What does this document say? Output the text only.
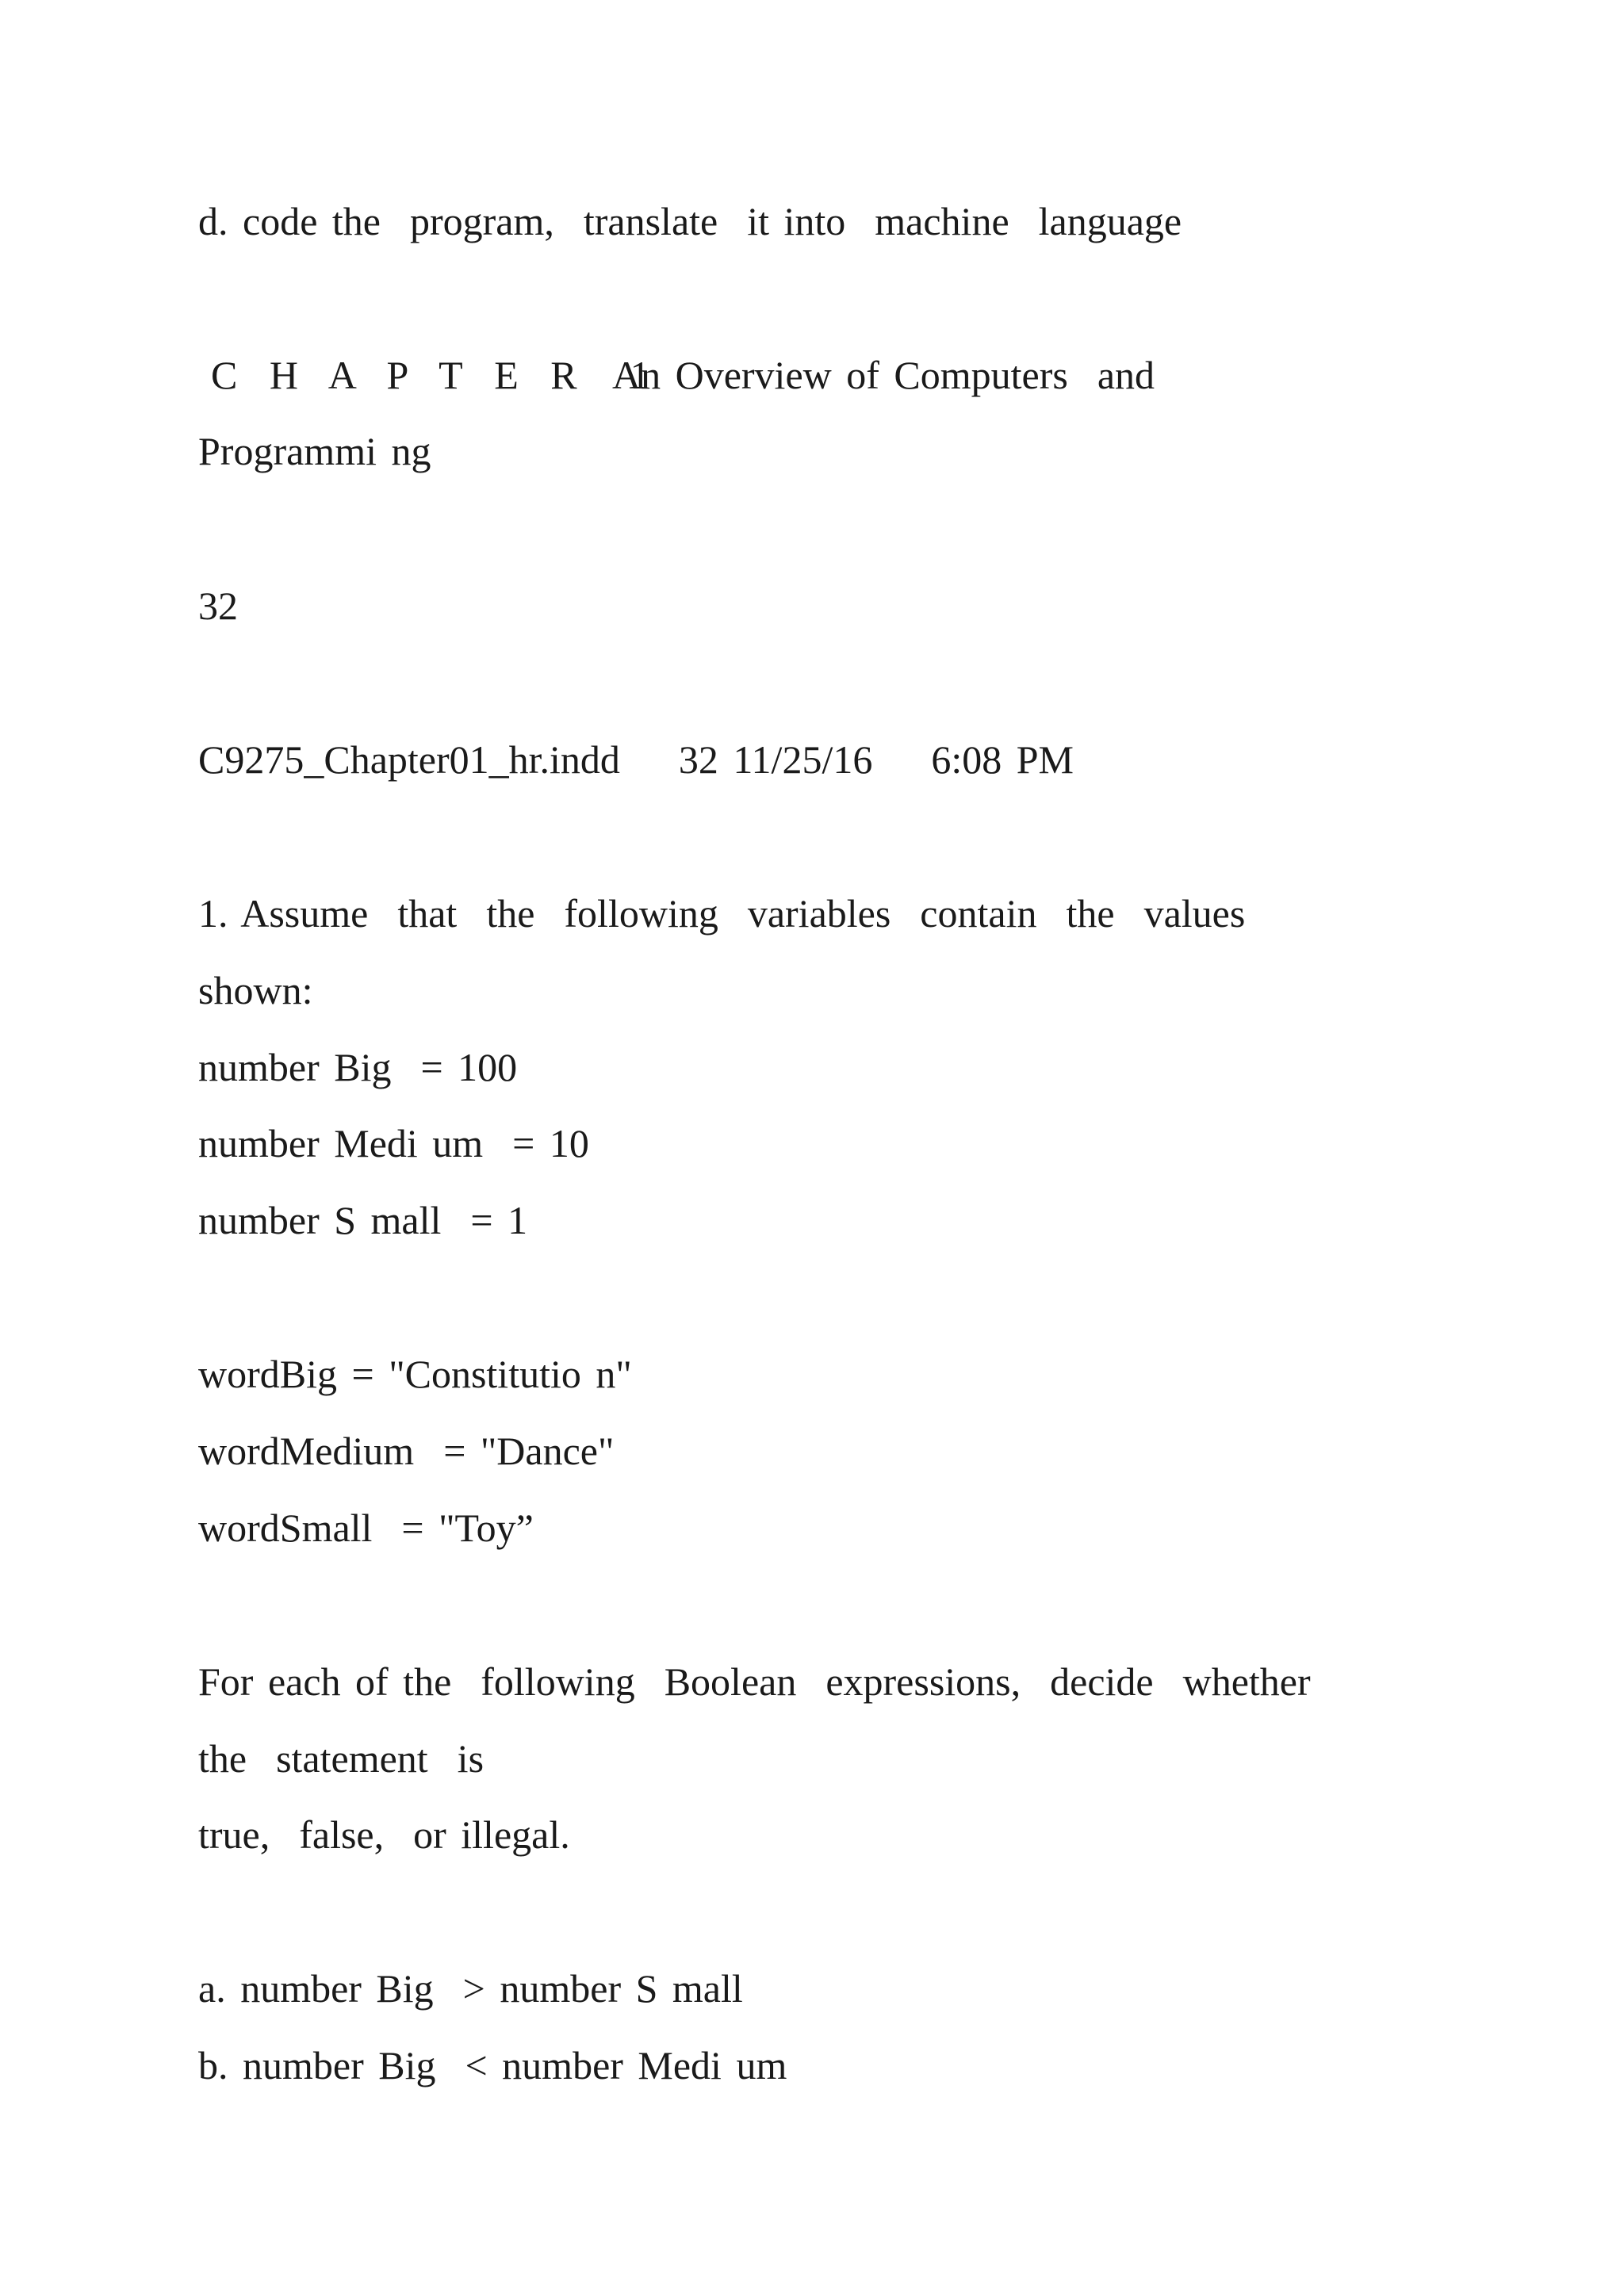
d. code the  program,  translate  it into  machine  language

C H A P T E R  1

An Overview of Computers  and

Programmi ng

32

C9275_Chapter01_hr.indd    32 11/25/16    6:08 PM

1. Assume  that  the  following  variables  contain  the  values

shown:

number Big  = 100

number Medi um  = 10

number S mall  = 1

wordBig = "Constitutio n"

wordMedium  = "Dance"

wordSmall  = "Toy”

For each of the  following  Boolean  expressions,  decide  whether

the  statement  is

true,  false,  or illegal.

a. number Big  > number S mall

b. number Big  < number Medi um
